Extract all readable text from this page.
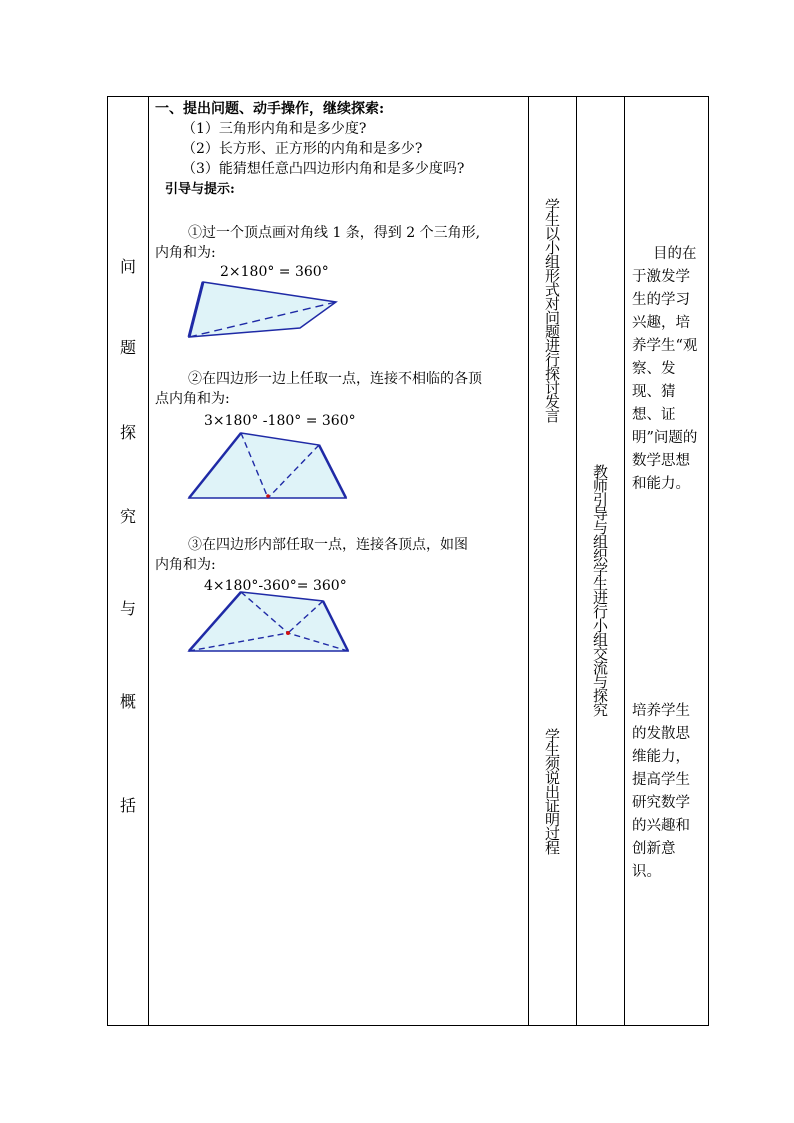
问
题
探
究
与
概
括
一、提出问题、动手操作，继续探索:
（1）三角形内角和是多少度?
（2）长方形、正方形的内角和是多少?
（3）能猜想任意凸四边形内角和是多少度吗?
引导与提示:
①过一个顶点画对角线 1 条，得到 2 个三角形,
内角和为:
2×180° = 360°
②在四边形一边上任取一点，连接不相临的各顶
点内角和为:
3×180° -180° = 360°
③在四边形内部任取一点，连接各顶点，如图
内角和为:
4×180°-360°= 360°
学生以小组形式对问题进行探讨发言
学生须说出证明过程
教师引导与组织学生进行小组交流与探究
目的在于激发学生的学习兴趣，培养学生“观察、发现、猜想、证明”问题的数学思想和能力。
培养学生的发散思维能力，提高学生研究数学的兴趣和创新意识。
